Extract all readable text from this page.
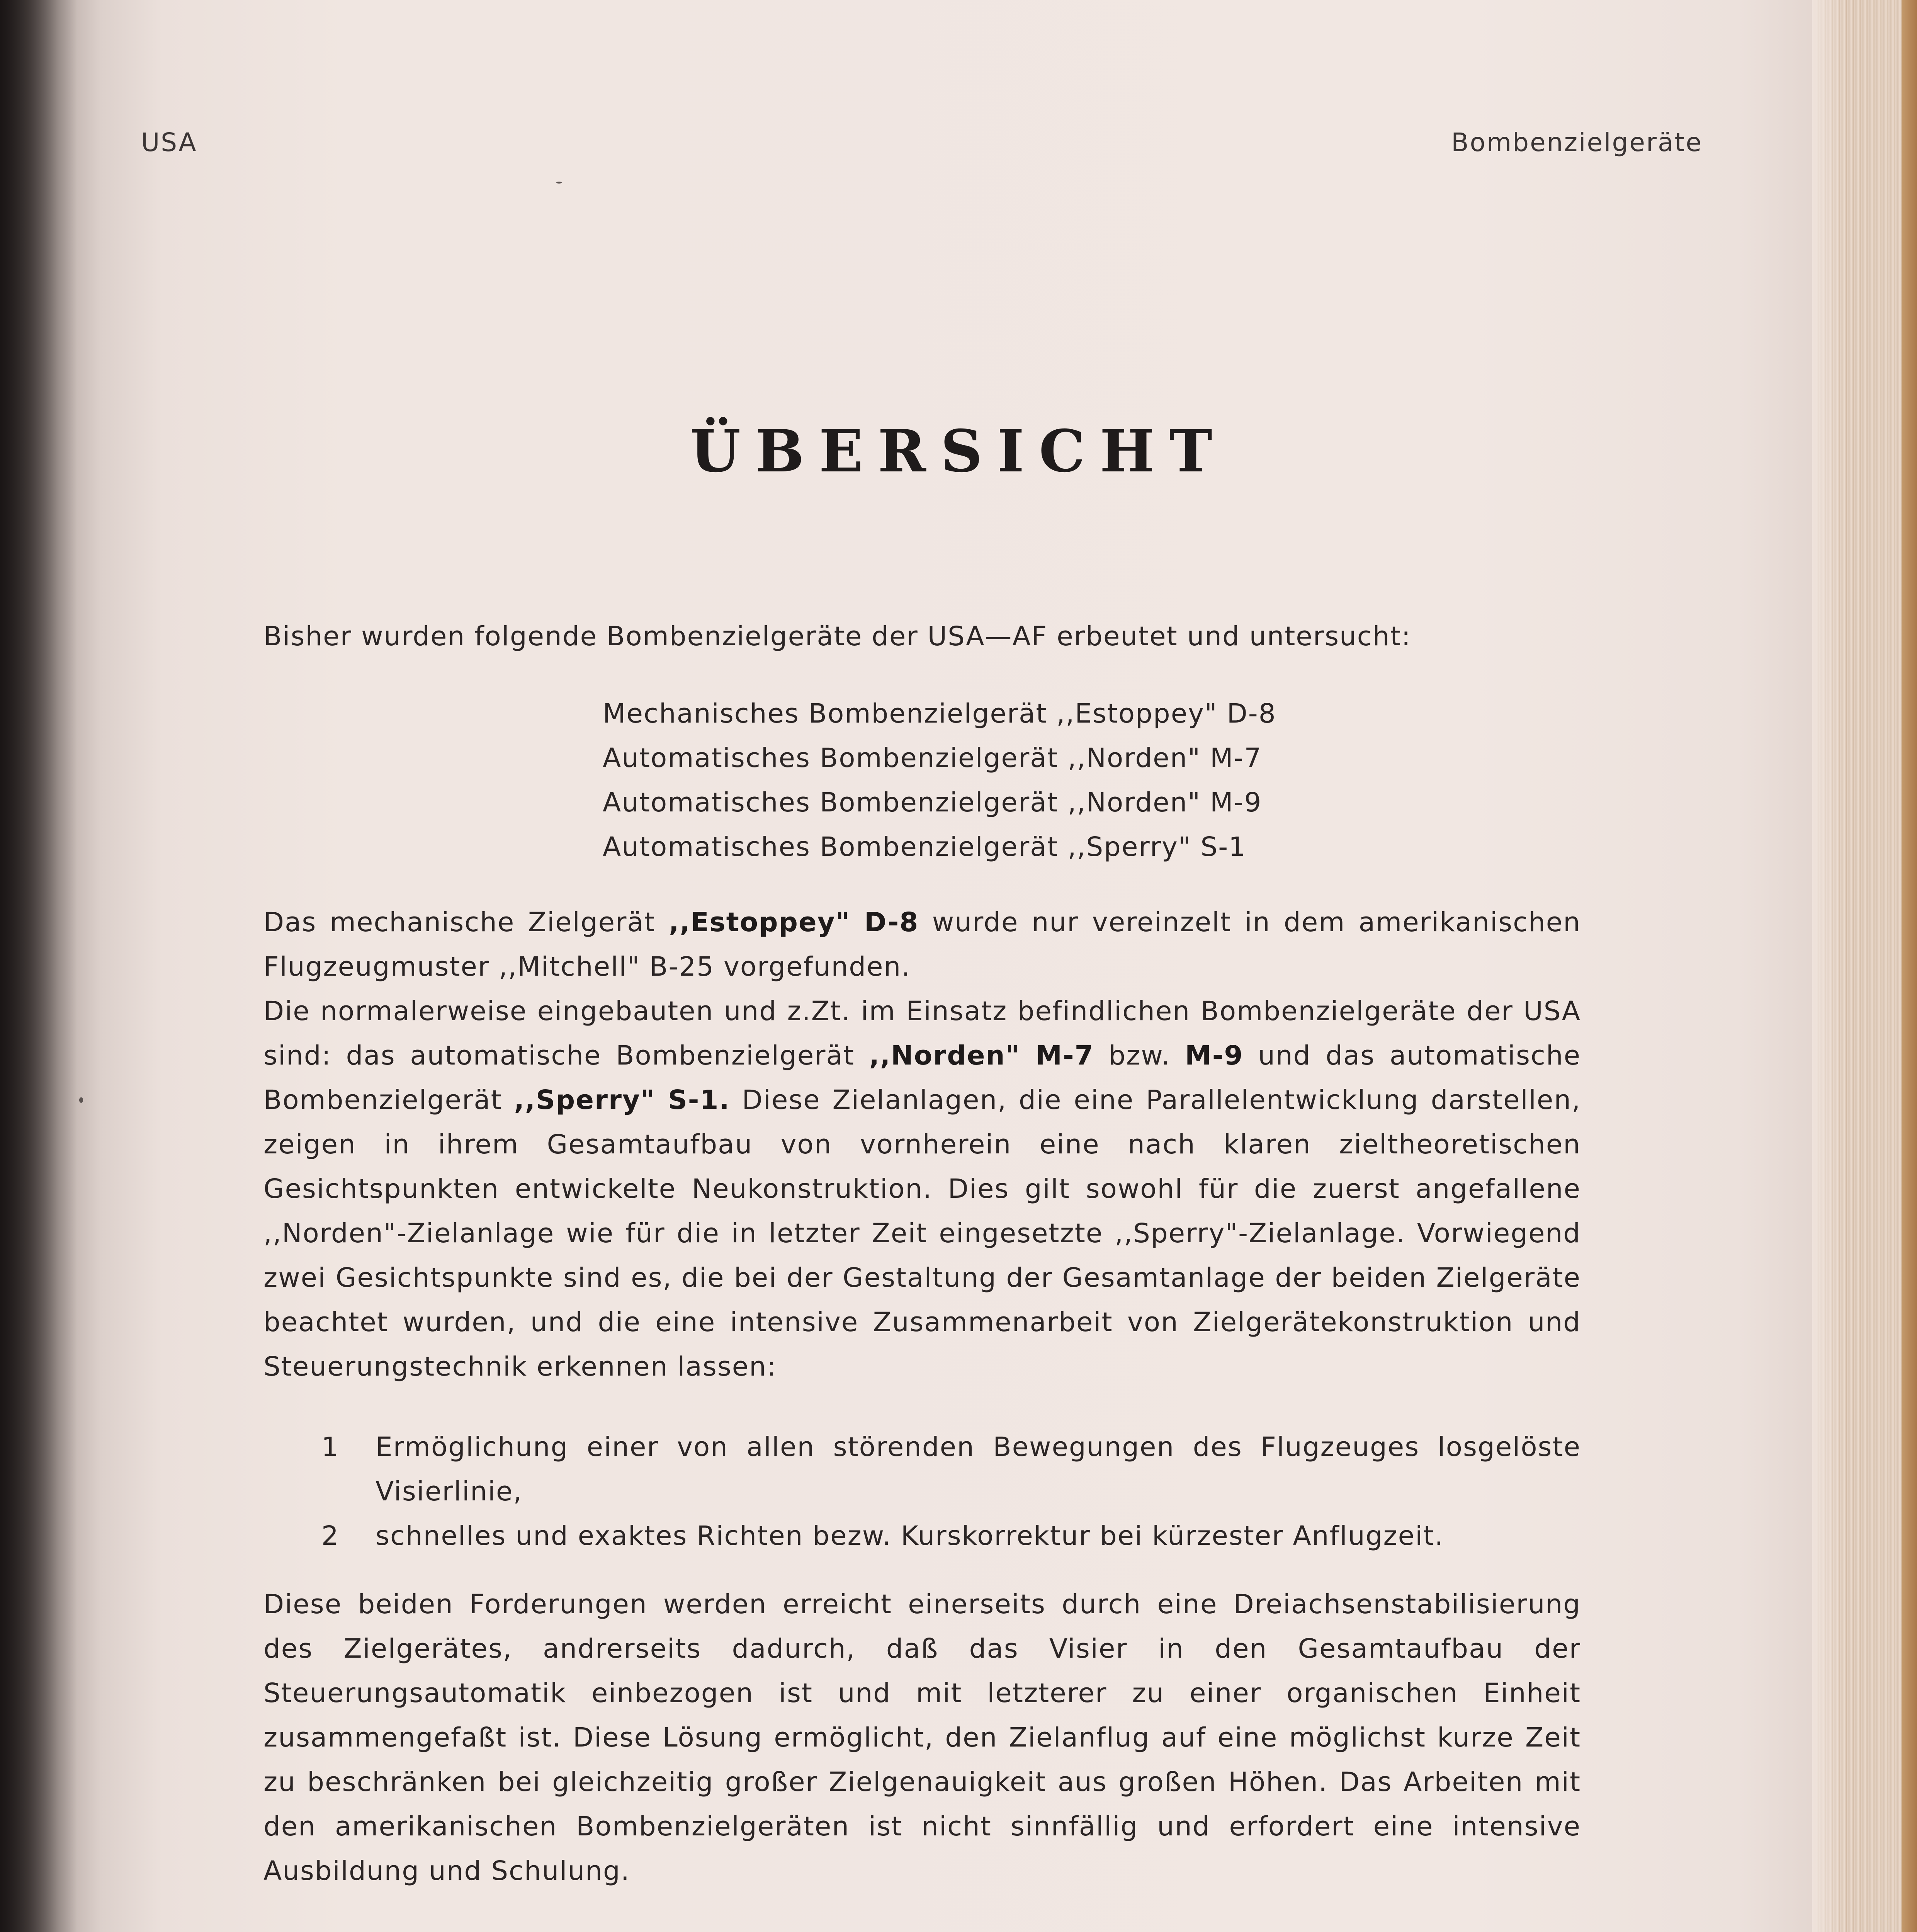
USA	Bombenzielgeräte
ÜBERSICHT
Bisher wurden folgende Bombenzielgeräte der USA—AF erbeutet und untersucht:
Mechanisches Bombenzielgerät ,,Estoppey" D-8
Automatisches Bombenzielgerät ,,Norden" M-7
Automatisches Bombenzielgerät ,,Norden" M-9
Automatisches Bombenzielgerät ,,Sperry" S-1
Das mechanische Zielgerät ,,Estoppey" D-8 wurde nur vereinzelt in dem amerikanischen Flugzeugmuster ,,Mitchell" B-25 vorgefunden.
Die normalerweise eingebauten und z.Zt. im Einsatz befindlichen Bombenzielgeräte der USA sind: das automatische Bombenzielgerät ,,Norden" M-7 bzw. M-9 und das automatische Bombenzielgerät ,,Sperry" S-1. Diese Zielanlagen, die eine Parallelentwicklung darstellen, zeigen in ihrem Gesamtaufbau von vornherein eine nach klaren zieltheoretischen Gesichtspunkten entwickelte Neukonstruktion. Dies gilt sowohl für die zuerst angefallene ,,Norden"-Zielanlage wie für die in letzter Zeit eingesetzte ,,Sperry"-Zielanlage. Vorwiegend zwei Gesichtspunkte sind es, die bei der Gestaltung der Gesamtanlage der beiden Zielgeräte beachtet wurden, und die eine intensive Zusammenarbeit von Zielgerätekonstruktion und Steuerungstechnik erkennen lassen:
1	Ermöglichung einer von allen störenden Bewegungen des Flugzeuges losgelöste Visierlinie,
2	schnelles und exaktes Richten bezw. Kurskorrektur bei kürzester Anflugzeit.
Diese beiden Forderungen werden erreicht einerseits durch eine Dreiachsenstabilisierung des Zielgerätes, andrerseits dadurch, daß das Visier in den Gesamtaufbau der Steuerungsautomatik einbezogen ist und mit letzterer zu einer organischen Einheit zusammengefaßt ist. Diese Lösung ermöglicht, den Zielanflug auf eine möglichst kurze Zeit zu beschränken bei gleichzeitig großer Zielgenauigkeit aus großen Höhen. Das Arbeiten mit den amerikanischen Bombenzielgeräten ist nicht sinnfällig und erfordert eine intensive Ausbildung und Schulung.
